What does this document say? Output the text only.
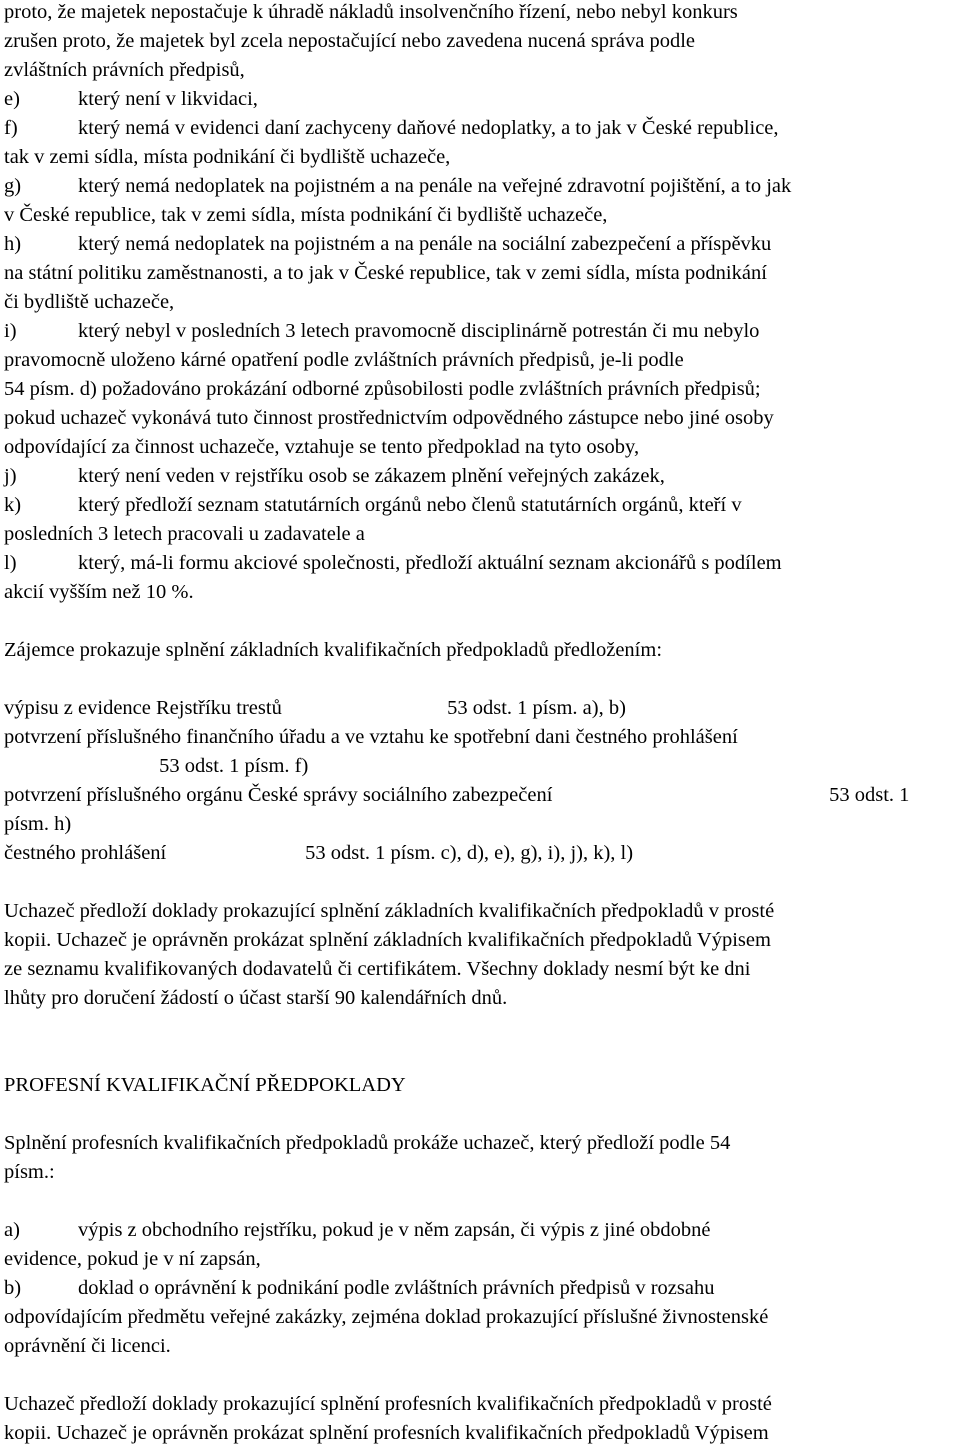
proto, že majetek nepostačuje k úhradě nákladů insolvenčního řízení, nebo nebyl konkurs

zrušen proto, že majetek byl zcela nepostačující nebo zavedena nucená správa podle

zvláštních právních předpisů,

e)	který není v likvidaci,

f)	který nemá v evidenci daní zachyceny daňové nedoplatky, a to jak v České republice,

tak v zemi sídla, místa podnikání či bydliště uchazeče,

g)	který nemá nedoplatek na pojistném a na penále na veřejné zdravotní pojištění, a to jak

v České republice, tak v zemi sídla, místa podnikání či bydliště uchazeče,

h)	který nemá nedoplatek na pojistném a na penále na sociální zabezpečení a příspěvku

na státní politiku zaměstnanosti, a to jak v České republice, tak v zemi sídla, místa podnikání

či bydliště uchazeče,

i)	který nebyl v posledních 3 letech pravomocně disciplinárně potrestán či mu nebylo

pravomocně uloženo kárné opatření podle zvláštních právních předpisů, je-li podle

54 písm. d) požadováno prokázání odborné způsobilosti podle zvláštních právních předpisů;

pokud uchazeč vykonává tuto činnost prostřednictvím odpovědného zástupce nebo jiné osoby

odpovídající za činnost uchazeče, vztahuje se tento předpoklad na tyto osoby,

j)	který není veden v rejstříku osob se zákazem plnění veřejných zakázek,

k)	který předloží seznam statutárních orgánů nebo členů statutárních orgánů, kteří v

posledních 3 letech pracovali u zadavatele a

l)	který, má-li formu akciové společnosti, předloží aktuální seznam akcionářů s podílem

akcií vyšším než 10 %.

Zájemce prokazuje splnění základních kvalifikačních předpokladů předložením:

výpisu z evidence Rejstříku trestů	53 odst. 1 písm. a), b)

potvrzení příslušného finančního úřadu a ve vztahu ke spotřební dani čestného prohlášení

53 odst. 1 písm. f)

potvrzení příslušného orgánu České správy sociálního zabezpečení	53 odst. 1

písm. h)

čestného prohlášení	53 odst. 1 písm. c), d), e), g), i), j), k), l)

Uchazeč předloží doklady prokazující splnění základních kvalifikačních předpokladů v prosté

kopii. Uchazeč je oprávněn prokázat splnění základních kvalifikačních předpokladů Výpisem

ze seznamu kvalifikovaných dodavatelů či certifikátem. Všechny doklady nesmí být ke dni

lhůty pro doručení žádostí o účast starší 90 kalendářních dnů.

PROFESNÍ KVALIFIKAČNÍ PŘEDPOKLADY

Splnění profesních kvalifikačních předpokladů prokáže uchazeč, který předloží podle 54

písm.:

a)	výpis z obchodního rejstříku, pokud je v něm zapsán, či výpis z jiné obdobné

evidence, pokud je v ní zapsán,

b)	doklad o oprávnění k podnikání podle zvláštních právních předpisů v rozsahu

odpovídajícím předmětu veřejné zakázky, zejména doklad prokazující příslušné živnostenské

oprávnění či licenci.

Uchazeč předloží doklady prokazující splnění profesních kvalifikačních předpokladů v prosté

kopii. Uchazeč je oprávněn prokázat splnění profesních kvalifikačních předpokladů Výpisem
